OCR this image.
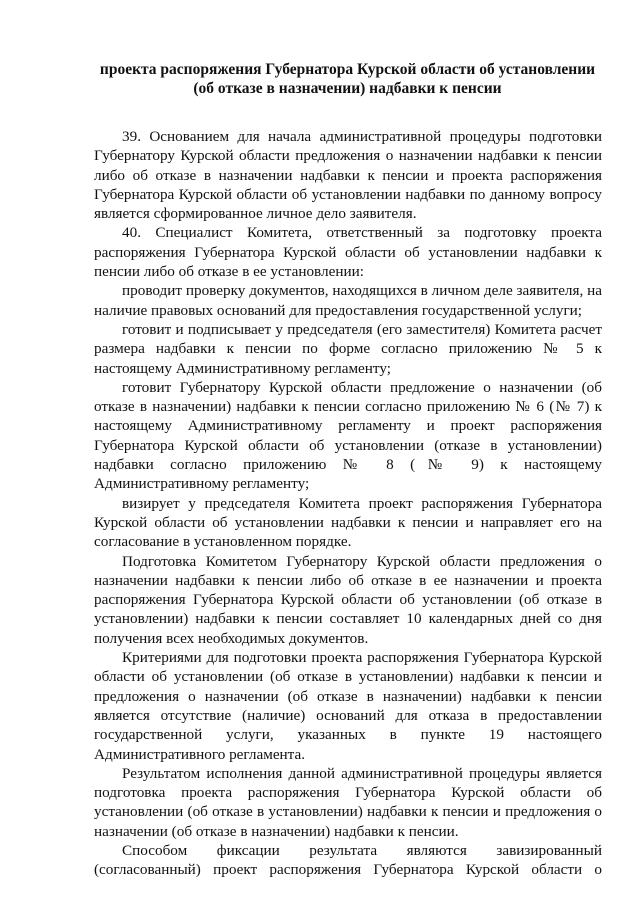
проекта распоряжения Губернатора Курской области об установлении
(об отказе в назначении) надбавки к пенсии

39. Основанием для начала административной процедуры подготовки Губернатору Курской области предложения о назначении надбавки к пенсии либо об отказе в назначении надбавки к пенсии и проекта распоряжения Губернатора Курской области об установлении надбавки по данному вопросу является сформированное личное дело заявителя.

40. Специалист Комитета, ответственный за подготовку проекта распоряжения Губернатора Курской области об установлении надбавки к пенсии либо об отказе в ее установлении:

проводит проверку документов, находящихся в личном деле заявителя, на наличие правовых оснований для предоставления государственной услуги;

готовит и подписывает у председателя (его заместителя) Комитета расчет размера надбавки к пенсии по форме согласно приложению № 5 к настоящему Административному регламенту;

готовит Губернатору Курской области предложение о назначении (об отказе в назначении) надбавки к пенсии согласно приложению № 6 (№ 7) к настоящему Административному регламенту и проект распоряжения Губернатора Курской области об установлении (отказе в установлении) надбавки согласно приложению № 8 (№ 9) к настоящему Административному регламенту;

визирует у председателя Комитета проект распоряжения Губернатора Курской области об установлении надбавки к пенсии и направляет его на согласование в установленном порядке.

Подготовка Комитетом Губернатору Курской области предложения о назначении надбавки к пенсии либо об отказе в ее назначении и проекта распоряжения Губернатора Курской области об установлении (об отказе в установлении) надбавки к пенсии составляет 10 календарных дней со дня получения всех необходимых документов.

Критериями для подготовки проекта распоряжения Губернатора Курской области об установлении (об отказе в установлении) надбавки к пенсии и предложения о назначении (об отказе в назначении) надбавки к пенсии является отсутствие (наличие) оснований для отказа в предоставлении государственной услуги, указанных в пункте 19 настоящего Административного регламента.

Результатом исполнения данной административной процедуры является подготовка проекта распоряжения Губернатора Курской области об установлении (об отказе в установлении) надбавки к пенсии и предложения о назначении (об отказе в назначении) надбавки к пенсии.

Способом фиксации результата являются завизированный (согласованный) проект распоряжения Губернатора Курской области о
